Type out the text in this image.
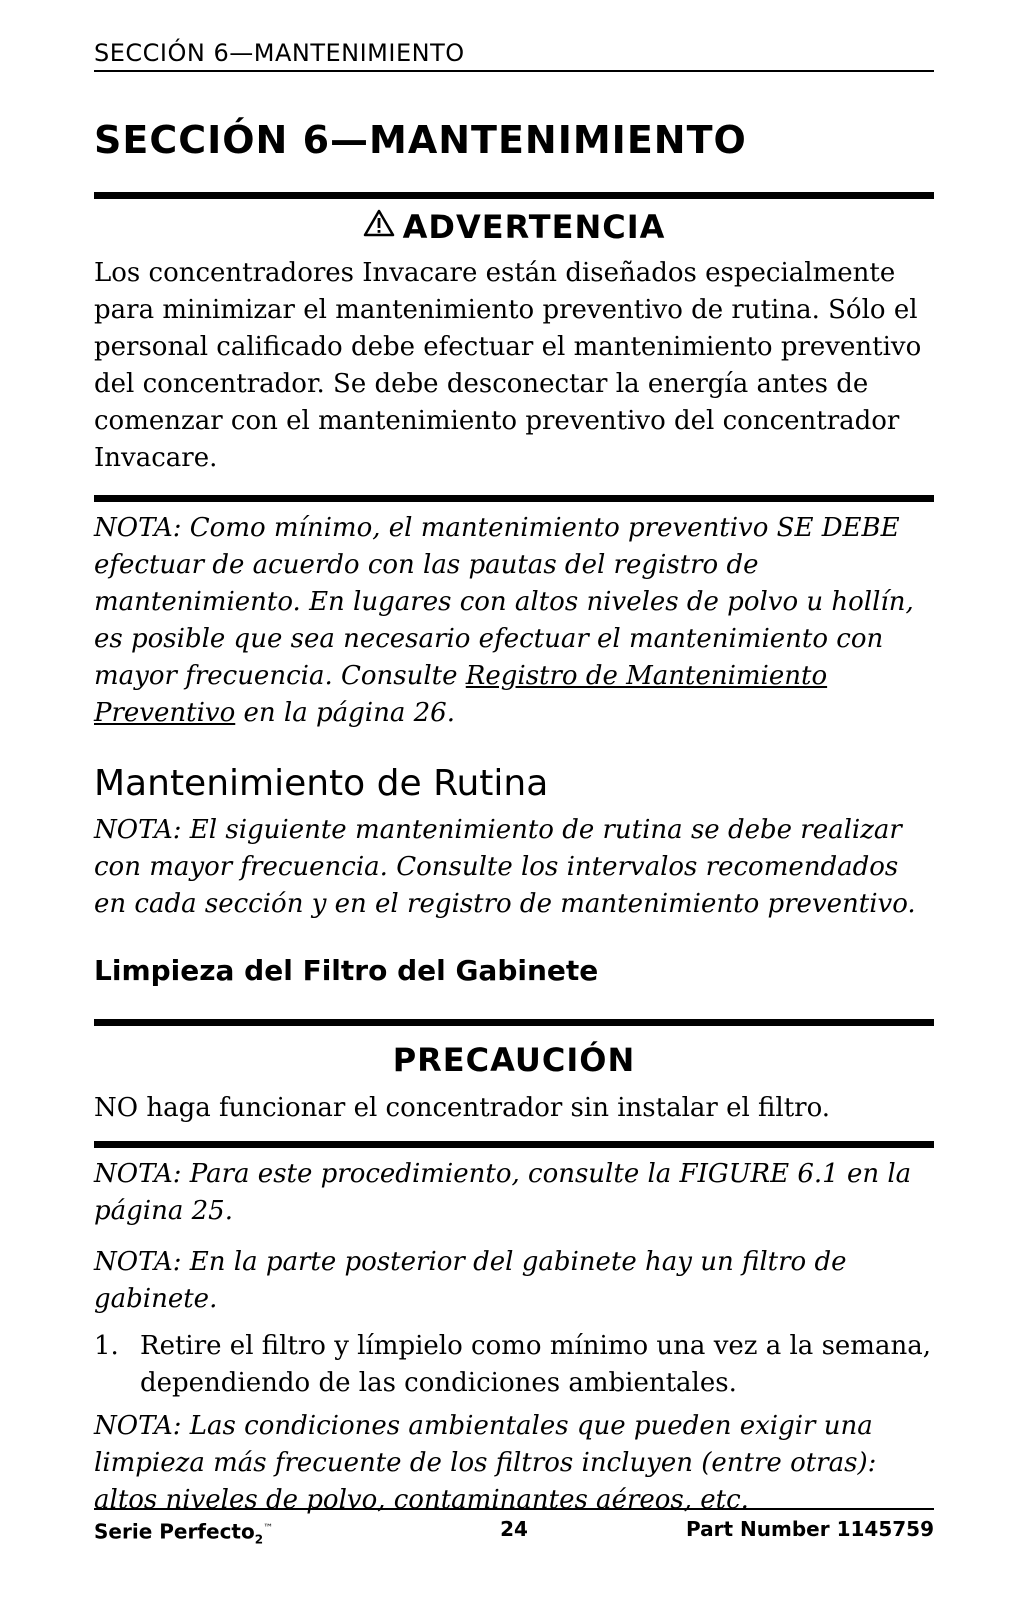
SECCIÓN 6—MANTENIMIENTO
SECCIÓN 6—MANTENIMIENTO
ADVERTENCIA
Los concentradores Invacare están diseñados especialmente para minimizar el mantenimiento preventivo de rutina. Sólo el personal calificado debe efectuar el mantenimiento preventivo del concentrador. Se debe desconectar la energía antes de comenzar con el mantenimiento preventivo del concentrador Invacare.
NOTA: Como mínimo, el mantenimiento preventivo SE DEBE efectuar de acuerdo con las pautas del registro de mantenimiento. En lugares con altos niveles de polvo u hollín, es posible que sea necesario efectuar el mantenimiento con mayor frecuencia. Consulte Registro de Mantenimiento Preventivo en la página 26.
Mantenimiento de Rutina
NOTA: El siguiente mantenimiento de rutina se debe realizar con mayor frecuencia. Consulte los intervalos recomendados en cada sección y en el registro de mantenimiento preventivo.
Limpieza del Filtro del Gabinete
PRECAUCIÓN
NO haga funcionar el concentrador sin instalar el filtro.
NOTA: Para este procedimiento, consulte la FIGURE 6.1 en la página 25.
NOTA: En la parte posterior del gabinete hay un filtro de gabinete.
1. Retire el filtro y límpielo como mínimo una vez a la semana, dependiendo de las condiciones ambientales.
NOTA: Las condiciones ambientales que pueden exigir una limpieza más frecuente de los filtros incluyen (entre otras): altos niveles de polvo, contaminantes aéreos, etc.
Serie Perfecto$_2$™	24	Part Number 1145759
